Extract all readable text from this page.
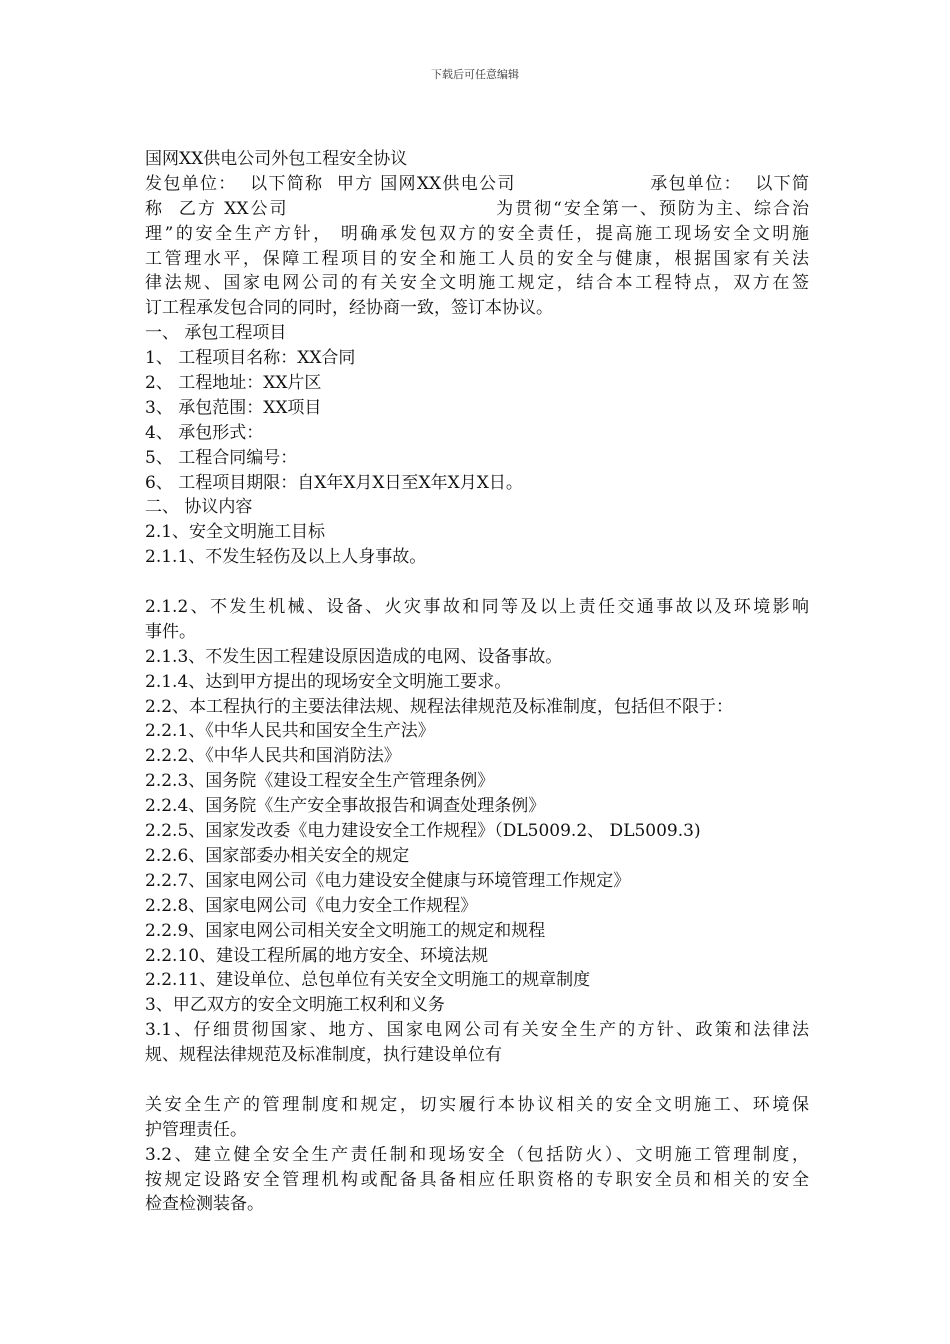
下载后可任意编辑
国网XX供电公司外包工程安全协议
发包单位：  以下简称  甲方 国网XX供电公司                    承包单位：  以下简
称  乙方 XX公司                            为贯彻“安全第一、预防为主、综合治
理”的安全生产方针， 明确承发包双方的安全责任，提高施工现场安全文明施
工管理水平，保障工程项目的安全和施工人员的安全与健康，根据国家有关法
律法规、国家电网公司的有关安全文明施工规定，结合本工程特点，双方在签
订工程承发包合同的同时，经协商一致，签订本协议。
一、 承包工程项目
1、 工程项目名称：XX合同
2、 工程地址：XX片区
3、 承包范围：XX项目
4、 承包形式：
5、 工程合同编号：
6、 工程项目期限：自X年X月X日至X年X月X日。
二、 协议内容
2.1、安全文明施工目标
2.1.1、不发生轻伤及以上人身事故。
2.1.2、不发生机械、设备、火灾事故和同等及以上责任交通事故以及环境影响
事件。
2.1.3、不发生因工程建设原因造成的电网、设备事故。
2.1.4、达到甲方提出的现场安全文明施工要求。
2.2、本工程执行的主要法律法规、规程法律规范及标准制度，包括但不限于：
2.2.1、《中华人民共和国安全生产法》
2.2.2、《中华人民共和国消防法》
2.2.3、国务院《建设工程安全生产管理条例》
2.2.4、国务院《生产安全事故报告和调查处理条例》
2.2.5、国家发改委《电力建设安全工作规程》（DL5009.2、 DL5009.3)
2.2.6、国家部委办相关安全的规定
2.2.7、国家电网公司《电力建设安全健康与环境管理工作规定》
2.2.8、国家电网公司《电力安全工作规程》
2.2.9、国家电网公司相关安全文明施工的规定和规程
2.2.10、建设工程所属的地方安全、环境法规
2.2.11、建设单位、总包单位有关安全文明施工的规章制度
3、甲乙双方的安全文明施工权利和义务
3.1、仔细贯彻国家、地方、国家电网公司有关安全生产的方针、政策和法律法
规、规程法律规范及标准制度，执行建设单位有
关安全生产的管理制度和规定，切实履行本协议相关的安全文明施工、环境保
护管理责任。
3.2、建立健全安全生产责任制和现场安全（包括防火）、文明施工管理制度，
按规定设路安全管理机构或配备具备相应任职资格的专职安全员和相关的安全
检查检测装备。
